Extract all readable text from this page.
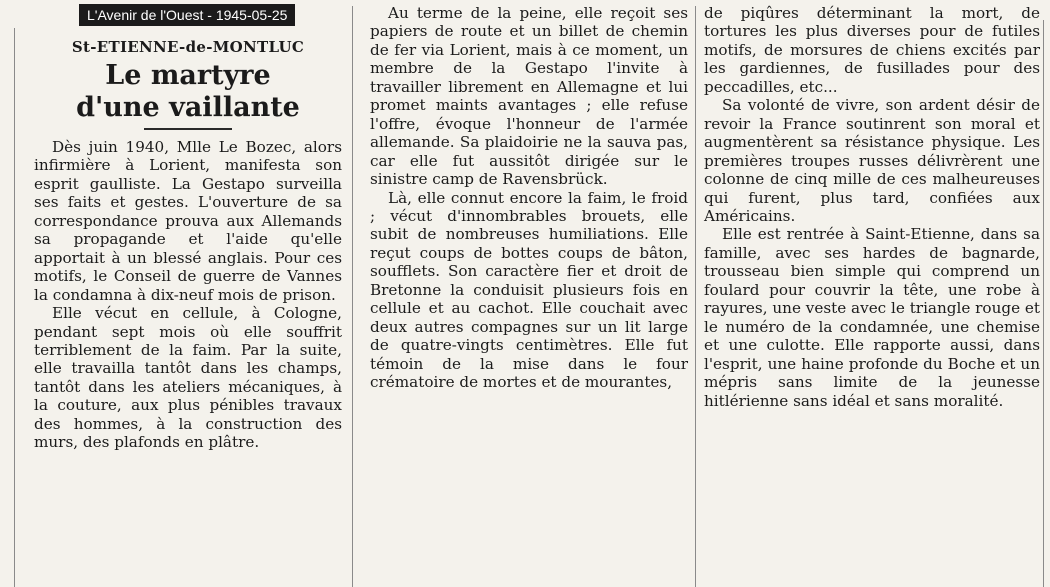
L'Avenir de l'Ouest - 1945-05-25
St-ETIENNE-de-MONTLUC
Le martyre
d'une vaillante

Dès juin 1940, Mlle Le Bozec, alors infirmière à Lorient, manifesta son esprit gaulliste. La Gestapo surveilla ses faits et gestes. L'ouverture de sa correspondance prouva aux Allemands sa propagande et l'aide qu'elle apportait à un blessé anglais. Pour ces motifs, le Conseil de guerre de Vannes la condamna à dix-neuf mois de prison.

Elle vécut en cellule, à Cologne, pendant sept mois où elle souffrit terriblement de la faim. Par la suite, elle travailla tantôt dans les champs, tantôt dans les ateliers mécaniques, à la couture, aux plus pénibles travaux des hommes, à la construction des murs, des plafonds en plâtre.

Au terme de la peine, elle reçoit ses papiers de route et un billet de chemin de fer via Lorient, mais à ce moment, un membre de la Gestapo l'invite à travailler librement en Allemagne et lui promet maints avantages ; elle refuse l'offre, évoque l'honneur de l'armée allemande. Sa plaidoirie ne la sauva pas, car elle fut aussitôt dirigée sur le sinistre camp de Ravensbrück.

Là, elle connut encore la faim, le froid ; vécut d'innombrables brouets, elle subit de nombreuses humiliations. Elle reçut coups de bottes coups de bâton, soufflets. Son caractère fier et droit de Bretonne la conduisit plusieurs fois en cellule et au cachot. Elle couchait avec deux autres compagnes sur un lit large de quatre-vingts centimètres. Elle fut témoin de la mise dans le four crématoire de mortes et de mourantes,

de piqûres déterminant la mort, de tortures les plus diverses pour de futiles motifs, de morsures de chiens excités par les gardiennes, de fusillades pour des peccadilles, etc...

Sa volonté de vivre, son ardent désir de revoir la France soutinrent son moral et augmentèrent sa résistance physique. Les premières troupes russes délivrèrent une colonne de cinq mille de ces malheureuses qui furent, plus tard, confiées aux Américains.

Elle est rentrée à Saint-Etienne, dans sa famille, avec ses hardes de bagnarde, trousseau bien simple qui comprend un foulard pour couvrir la tête, une robe à rayures, une veste avec le triangle rouge et le numéro de la condamnée, une chemise et une culotte. Elle rapporte aussi, dans l'esprit, une haine profonde du Boche et un mépris sans limite de la jeunesse hitlérienne sans idéal et sans moralité.
